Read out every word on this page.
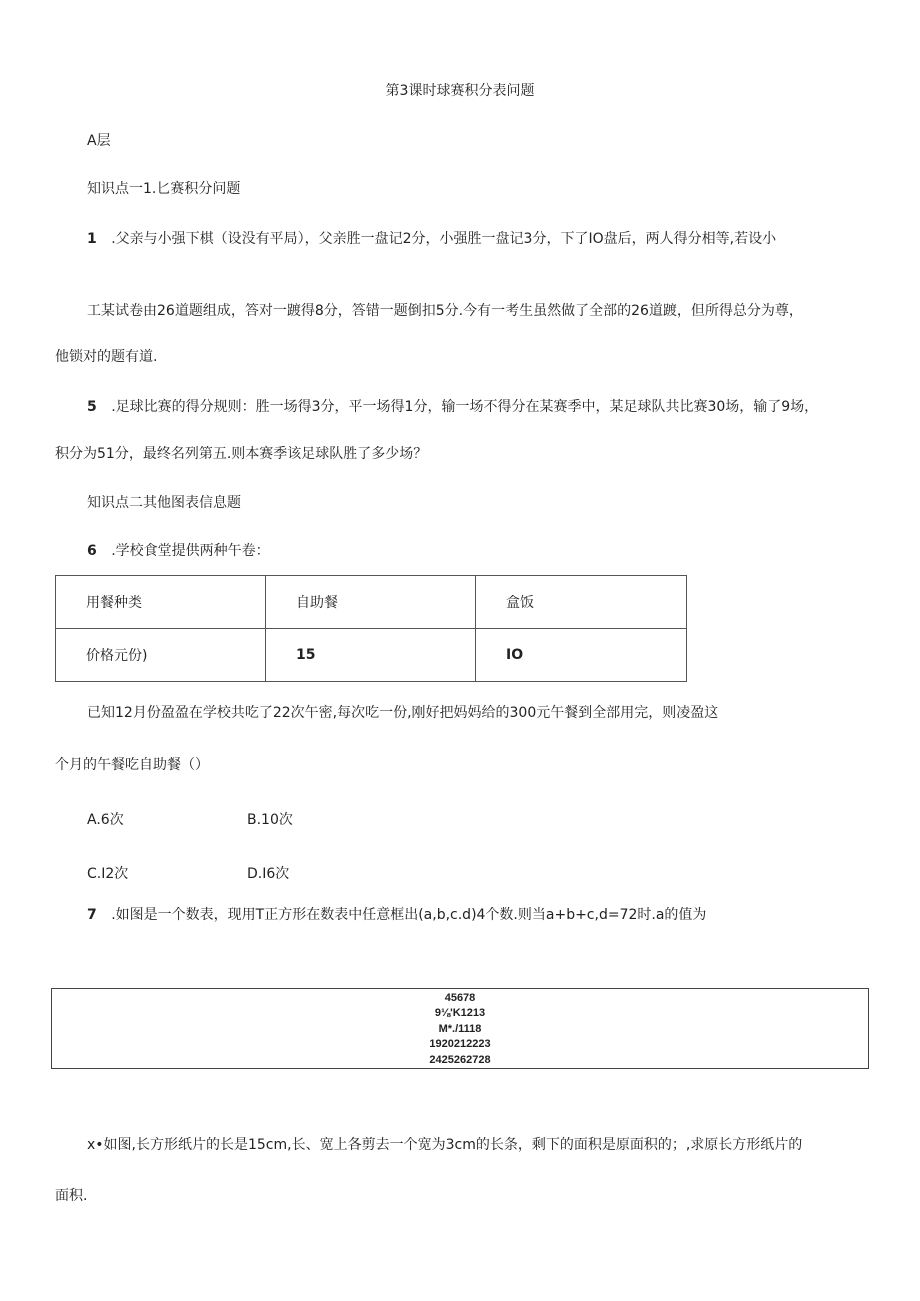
第3课时球赛积分表问题
A层
知识点一1.匕赛积分问题
1 .父亲与小强下棋（设没有平局），父亲胜一盘记2分，小强胜一盘记3分，下了IO盘后，两人得分相等,若设小
工某试卷由26道题组成，答对一踱得8分，答错一题倒扣5分.今有一考生虽然做了全部的26道踱，但所得总分为尊，
他锁对的题有道.
5 .足球比赛的得分规则：胜一场得3分，平一场得1分，输一场不得分在某赛季中，某足球队共比赛30场，输了9场，
积分为51分，最终名列第五.则本赛季该足球队胜了多少场？
知识点二其他图表信息题
6 .学校食堂提供两种午卷：
用餐种类	自助餐	盒饭

价格元份)	15	IO
已知12月份盈盈在学校共吃了22次午密,每次吃一份,刚好把妈妈给的300元午餐到全部用完，则凌盈这
个月的午餐吃自助餐（）
A.6次	B.10次
C.I2次	D.I6次
7 .如图是一个数表，现用T正方形在数表中任意框出(a,b,c.d)4个数.则当a+b+c,d=72时.a的值为
45678
9⅛'K1213
M*./1118
1920212223
2425262728
x•如图,长方形纸片的长是15cm,长、宽上各剪去一个宽为3cm的长条，剩下的面积是原面积的；,求原长方形纸片的
面积.
